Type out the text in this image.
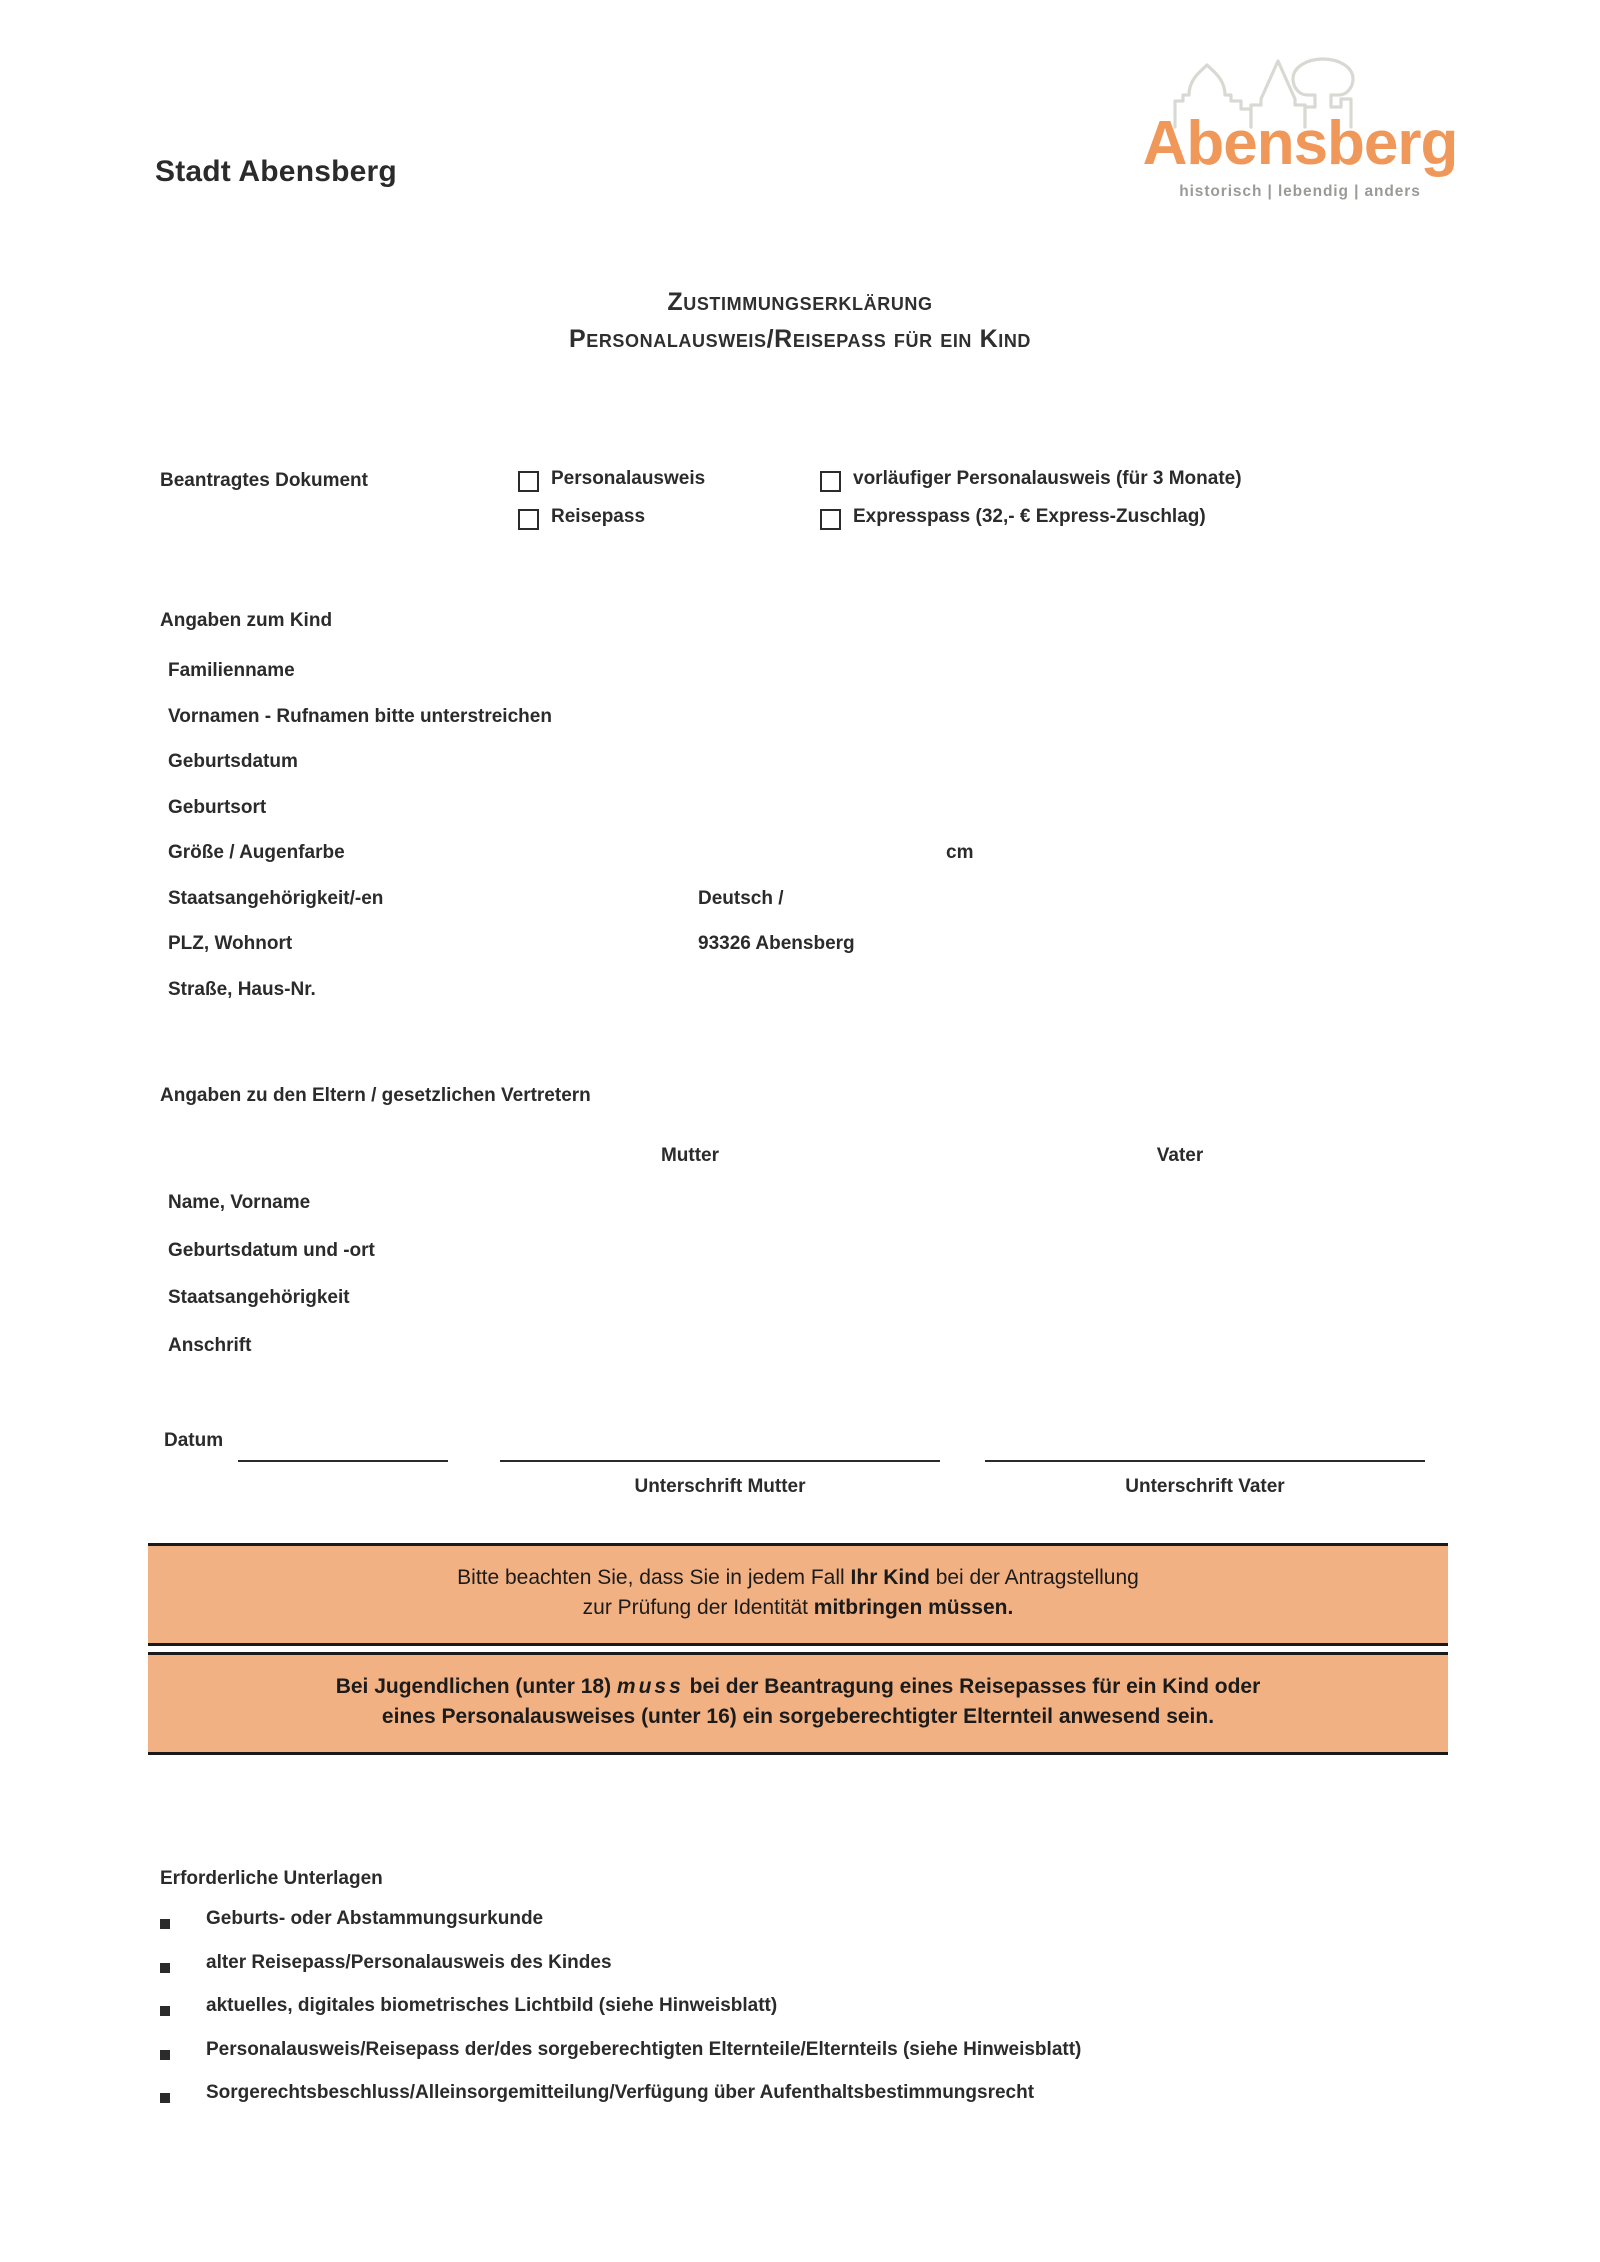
Stadt Abensberg	Abensberg
historisch | lebendig | anders
Zustimmungserklärung
Personalausweis/Reisepass für ein Kind
Beantragtes Dokument	Personalausweis
Reisepass
vorläufiger Personalausweis (für 3 Monate)
Expresspass (32,- € Express-Zuschlag)
Angaben zum Kind
Familienname
Vornamen - Rufnamen bitte unterstreichen
Geburtsdatum
Geburtsort
Größe / Augenfarbe	cm
Staatsangehörigkeit/-en	Deutsch /
PLZ, Wohnort	93326 Abensberg
Straße, Haus-Nr.
Angaben zu den Eltern / gesetzlichen Vertretern
Mutter	Vater
Name, Vorname
Geburtsdatum und -ort
Staatsangehörigkeit
Anschrift
Datum
Unterschrift Mutter	Unterschrift Vater
Bitte beachten Sie, dass Sie in jedem Fall Ihr Kind bei der Antragstellung
zur Prüfung der Identität mitbringen müssen.
Bei Jugendlichen (unter 18) muss bei der Beantragung eines Reisepasses für ein Kind oder
eines Personalausweises (unter 16) ein sorgeberechtigter Elternteil anwesend sein.
Erforderliche Unterlagen
Geburts- oder Abstammungsurkunde
alter Reisepass/Personalausweis des Kindes
aktuelles, digitales biometrisches Lichtbild (siehe Hinweisblatt)
Personalausweis/Reisepass der/des sorgeberechtigten Elternteile/Elternteils (siehe Hinweisblatt)
Sorgerechtsbeschluss/Alleinsorgemitteilung/Verfügung über Aufenthaltsbestimmungsrecht
